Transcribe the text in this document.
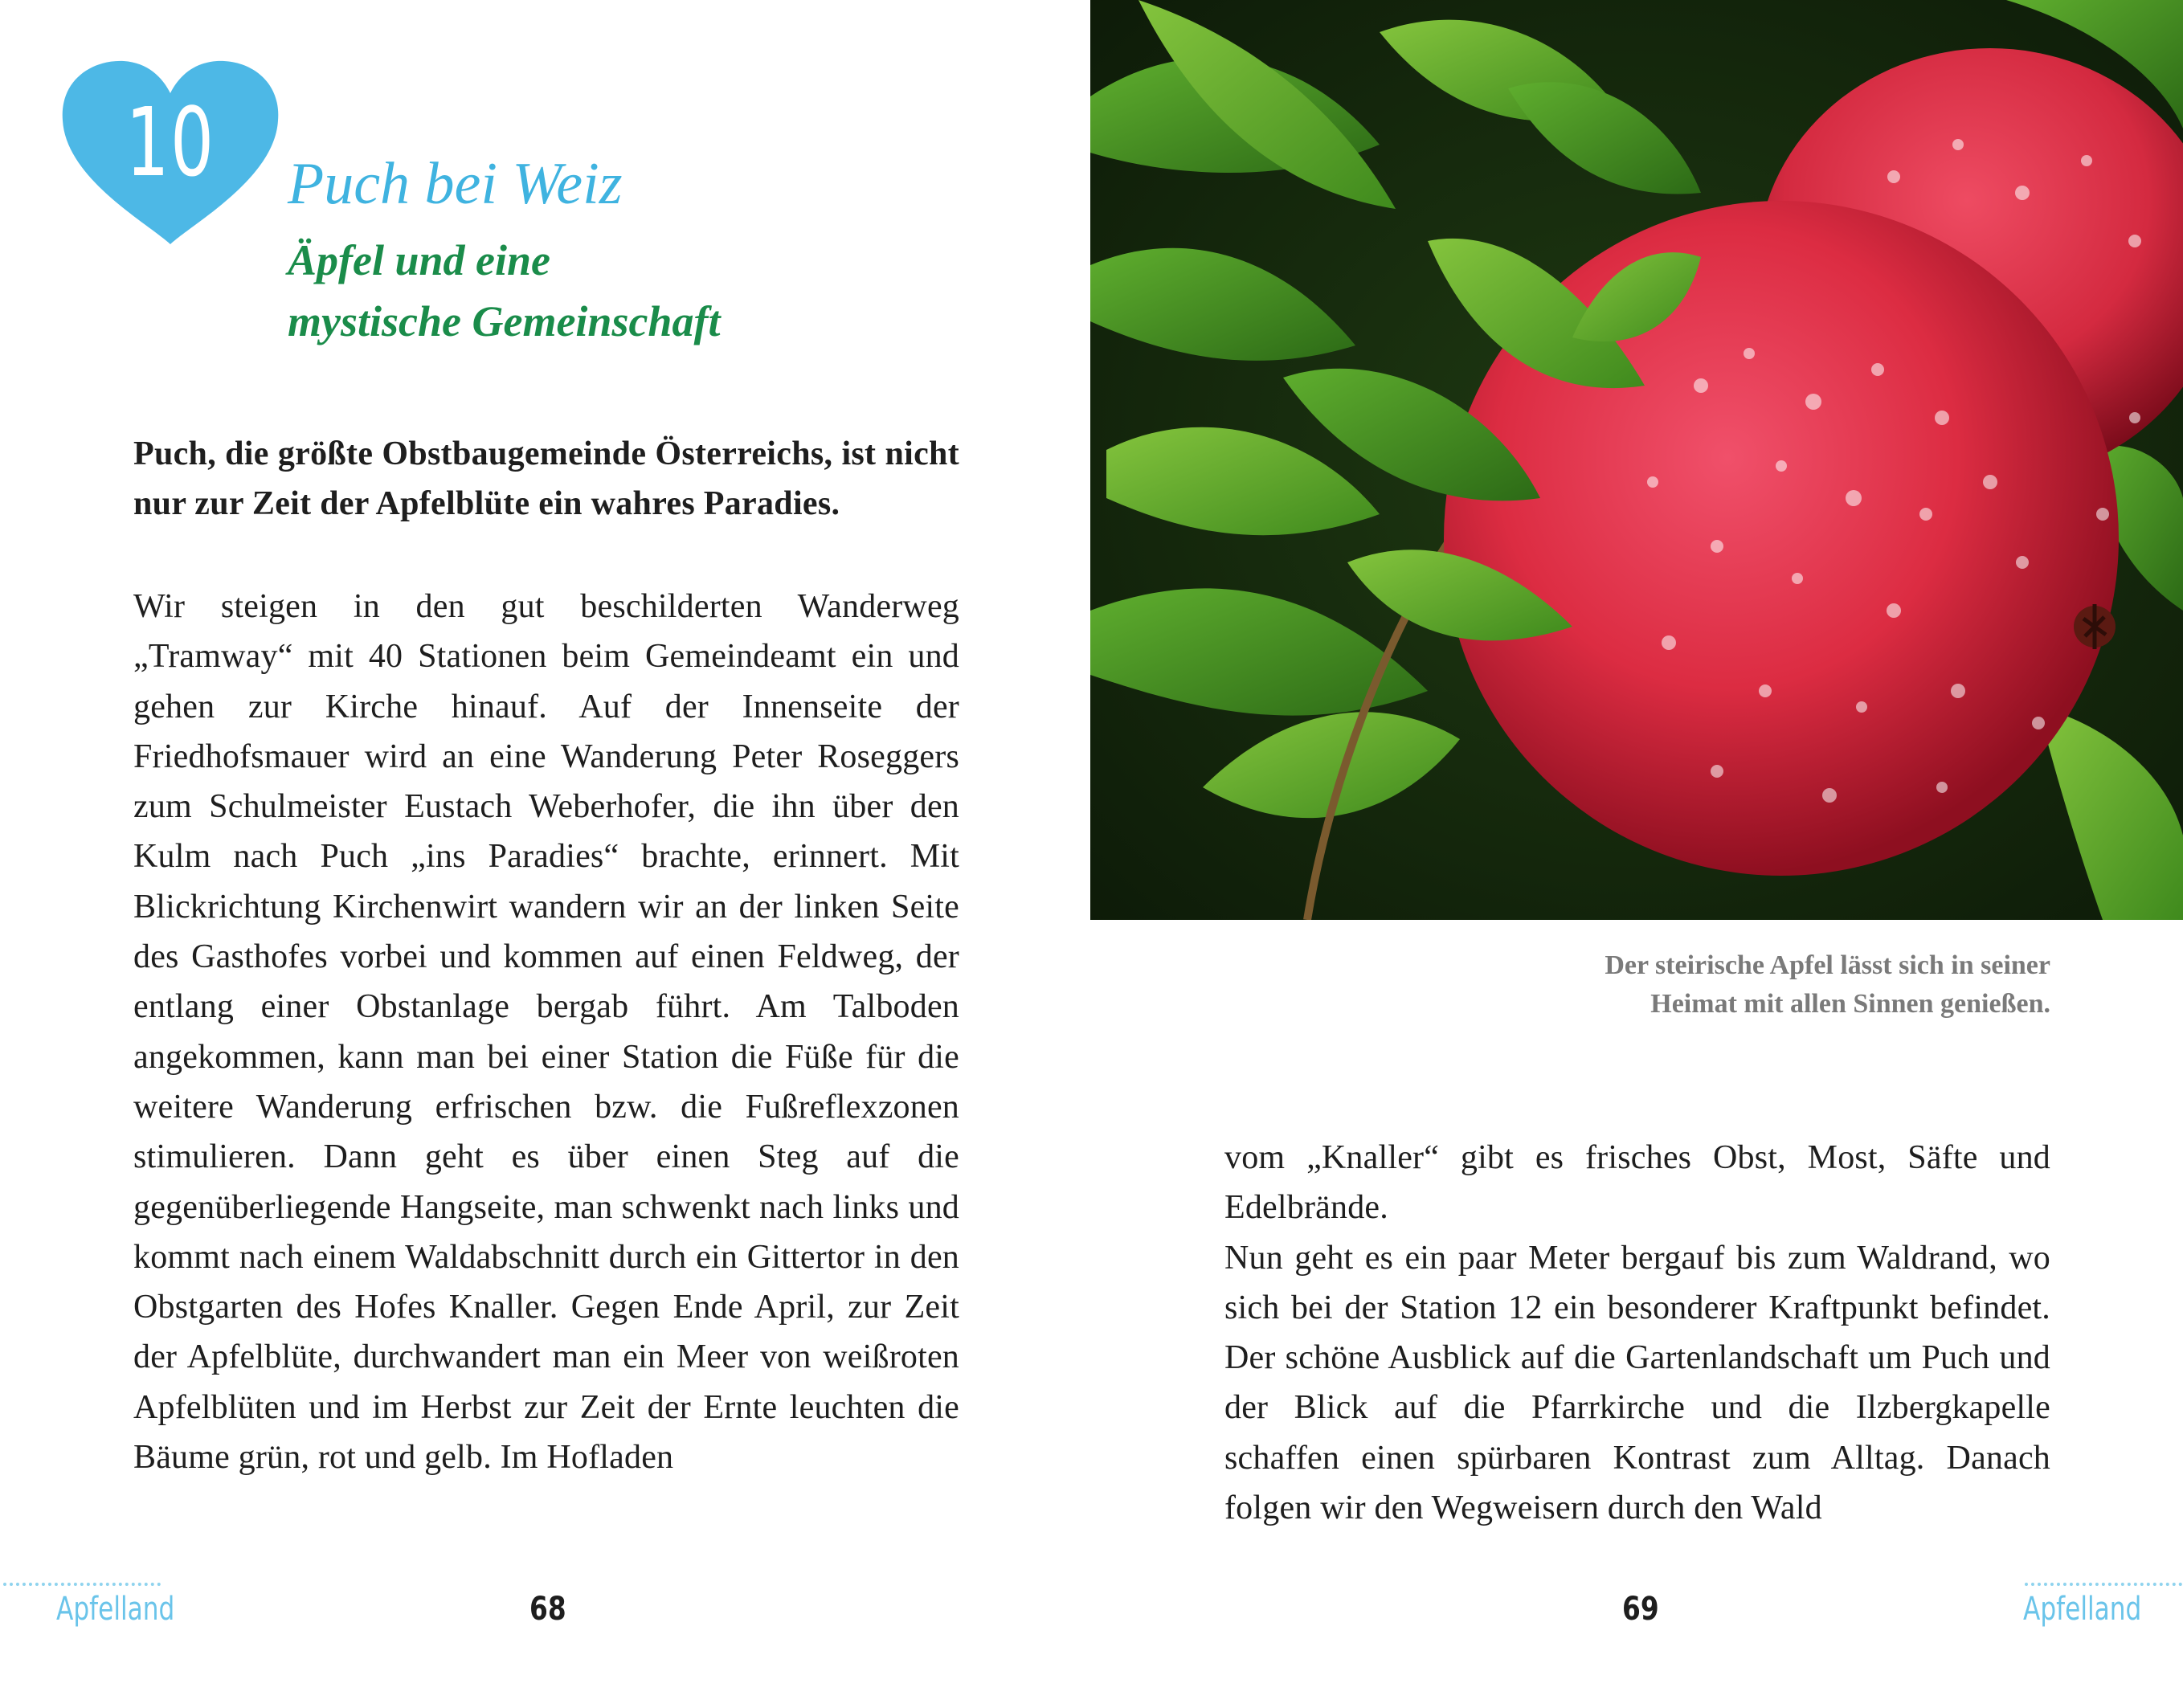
10	Puch bei Weiz
Äpfel und eine
mystische Gemeinschaft

Puch, die größte Obstbaugemeinde Österreichs, ist nicht nur zur Zeit der Apfelblüte ein wahres Paradies.

Wir steigen in den gut beschilderten Wanderweg „Tramway“ mit 40 Stationen beim Gemeindeamt ein und gehen zur Kirche hinauf. Auf der Innenseite der Friedhofsmauer wird an eine Wanderung Peter Roseggers zum Schulmeister Eustach Weberhofer, die ihn über den Kulm nach Puch „ins Paradies“ brachte, erinnert. Mit Blickrichtung Kirchenwirt wandern wir an der linken Seite des Gasthofes vorbei und kommen auf einen Feldweg, der entlang einer Obstanlage bergab führt. Am Talboden angekommen, kann man bei einer Station die Füße für die weitere Wanderung erfrischen bzw. die Fußreflexzonen stimulieren. Dann geht es über einen Steg auf die gegenüberliegende Hangseite, man schwenkt nach links und kommt nach einem Waldabschnitt durch ein Gittertor in den Obstgarten des Hofes Knaller. Gegen Ende April, zur Zeit der Apfelblüte, durchwandert man ein Meer von weißroten Apfelblüten und im Herbst zur Zeit der Ernte leuchten die Bäume grün, rot und gelb. Im Hofladen

Der steirische Apfel lässt sich in seiner
Heimat mit allen Sinnen genießen.

vom „Knaller“ gibt es frisches Obst, Most, Säfte und Edelbrände.

Nun geht es ein paar Meter bergauf bis zum Waldrand, wo sich bei der Station 12 ein besonderer Kraftpunkt befindet. Der schöne Ausblick auf die Gartenlandschaft um Puch und der Blick auf die Pfarrkirche und die Ilzbergkapelle schaffen einen spürbaren Kontrast zum Alltag. Danach folgen wir den Wegweisern durch den Wald

Apfelland	68	69	Apfelland
